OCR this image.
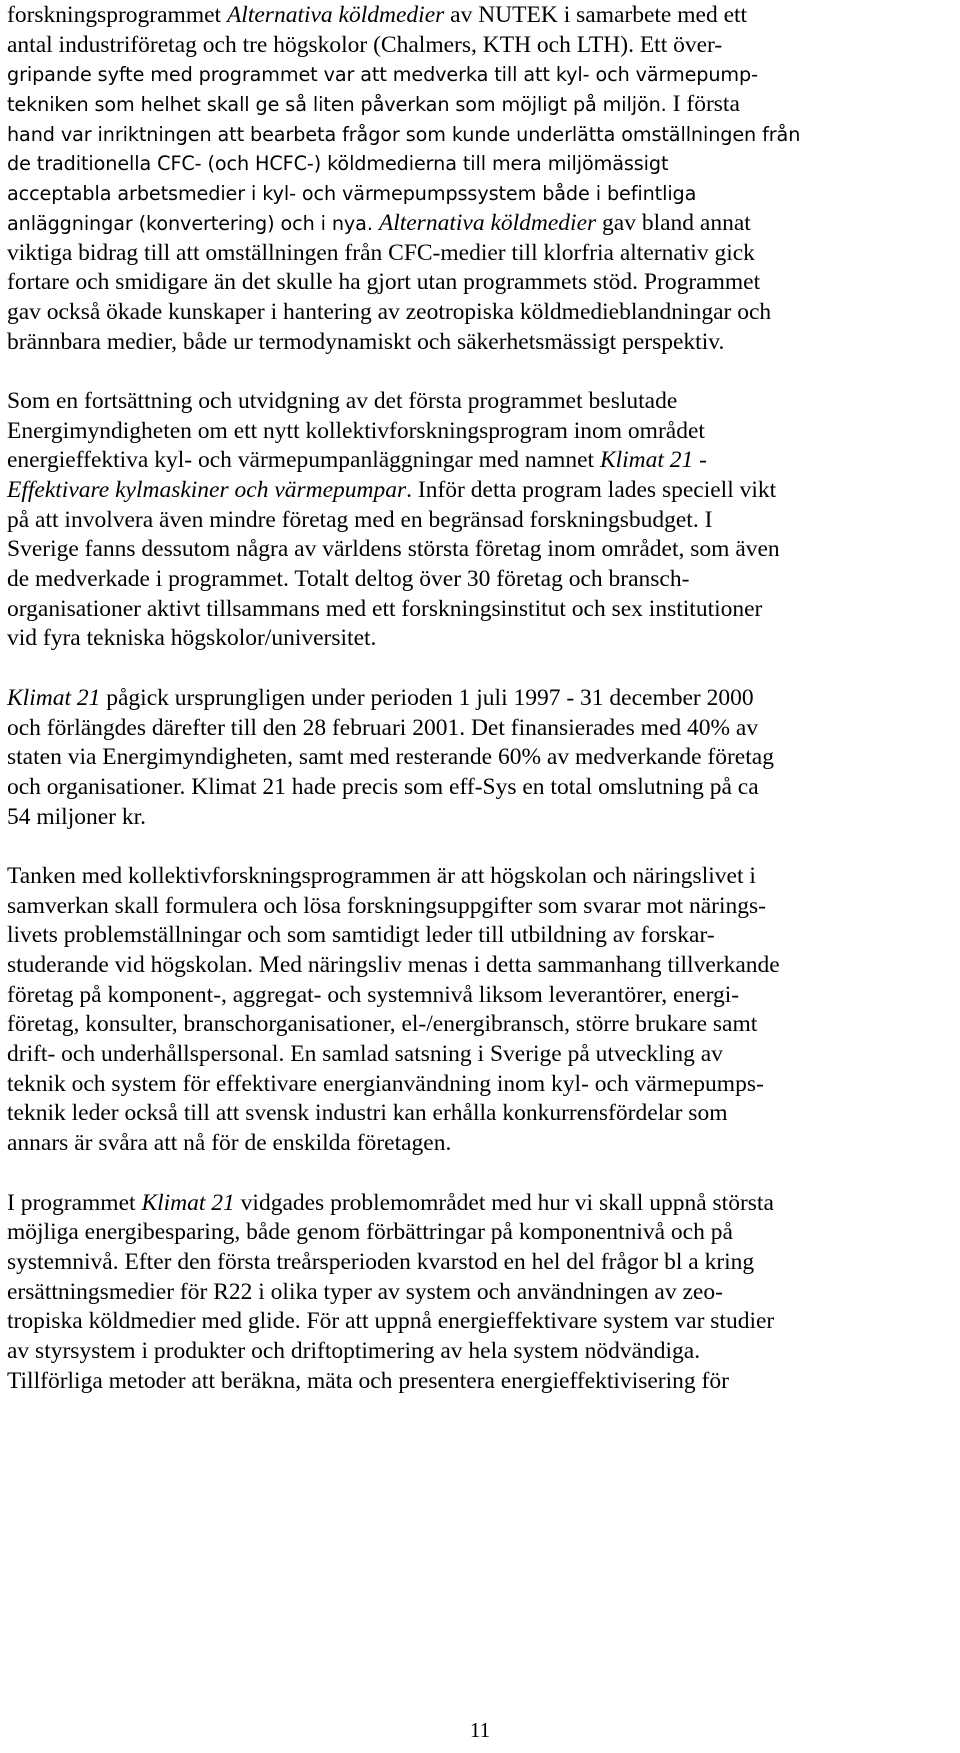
forskningsprogrammet Alternativa köldmedier av NUTEK i samarbete med ett
antal industriföretag och tre högskolor (Chalmers, KTH och LTH). Ett över-
gripande syfte med programmet var att medverka till att kyl- och värmepump-
tekniken som helhet skall ge så liten påverkan som möjligt på miljön. I första
hand var inriktningen att bearbeta frågor som kunde underlätta omställningen från
de traditionella CFC- (och HCFC-) köldmedierna till mera miljömässigt
acceptabla arbetsmedier i kyl- och värmepumpssystem både i befintliga
anläggningar (konvertering) och i nya. Alternativa köldmedier gav bland annat
viktiga bidrag till att omställningen från CFC-medier till klorfria alternativ gick
fortare och smidigare än det skulle ha gjort utan programmets stöd. Programmet
gav också ökade kunskaper i hantering av zeotropiska köldmedieblandningar och
brännbara medier, både ur termodynamiskt och säkerhetsmässigt perspektiv.
Som en fortsättning och utvidgning av det första programmet beslutade
Energimyndigheten om ett nytt kollektivforskningsprogram inom området
energieffektiva kyl- och värmepumpanläggningar med namnet Klimat 21 -
Effektivare kylmaskiner och värmepumpar. Inför detta program lades speciell vikt
på att involvera även mindre företag med en begränsad forskningsbudget. I
Sverige fanns dessutom några av världens största företag inom området, som även
de medverkade i programmet. Totalt deltog över 30 företag och bransch-
organisationer aktivt tillsammans med ett forskningsinstitut och sex institutioner
vid fyra tekniska högskolor/universitet.
Klimat 21 pågick ursprungligen under perioden 1 juli 1997 - 31 december 2000
och förlängdes därefter till den 28 februari 2001. Det finansierades med 40% av
staten via Energimyndigheten, samt med resterande 60% av medverkande företag
och organisationer. Klimat 21 hade precis som eff-Sys en total omslutning på ca
54 miljoner kr.
Tanken med kollektivforskningsprogrammen är att högskolan och näringslivet i
samverkan skall formulera och lösa forskningsuppgifter som svarar mot närings-
livets problemställningar och som samtidigt leder till utbildning av forskar-
studerande vid högskolan. Med näringsliv menas i detta sammanhang tillverkande
företag på komponent-, aggregat- och systemnivå liksom leverantörer, energi-
företag, konsulter, branschorganisationer, el-/energibransch, större brukare samt
drift- och underhållspersonal. En samlad satsning i Sverige på utveckling av
teknik och system för effektivare energianvändning inom kyl- och värmepumps-
teknik leder också till att svensk industri kan erhålla konkurrensfördelar som
annars är svåra att nå för de enskilda företagen.
I programmet Klimat 21 vidgades problemområdet med hur vi skall uppnå största
möjliga energibesparing, både genom förbättringar på komponentnivå och på
systemnivå. Efter den första treårsperioden kvarstod en hel del frågor bl a kring
ersättningsmedier för R22 i olika typer av system och användningen av zeo-
tropiska köldmedier med glide. För att uppnå energieffektivare system var studier
av styrsystem i produkter och driftoptimering av hela system nödvändiga.
Tillförliga metoder att beräkna, mäta och presentera energieffektivisering för
11
